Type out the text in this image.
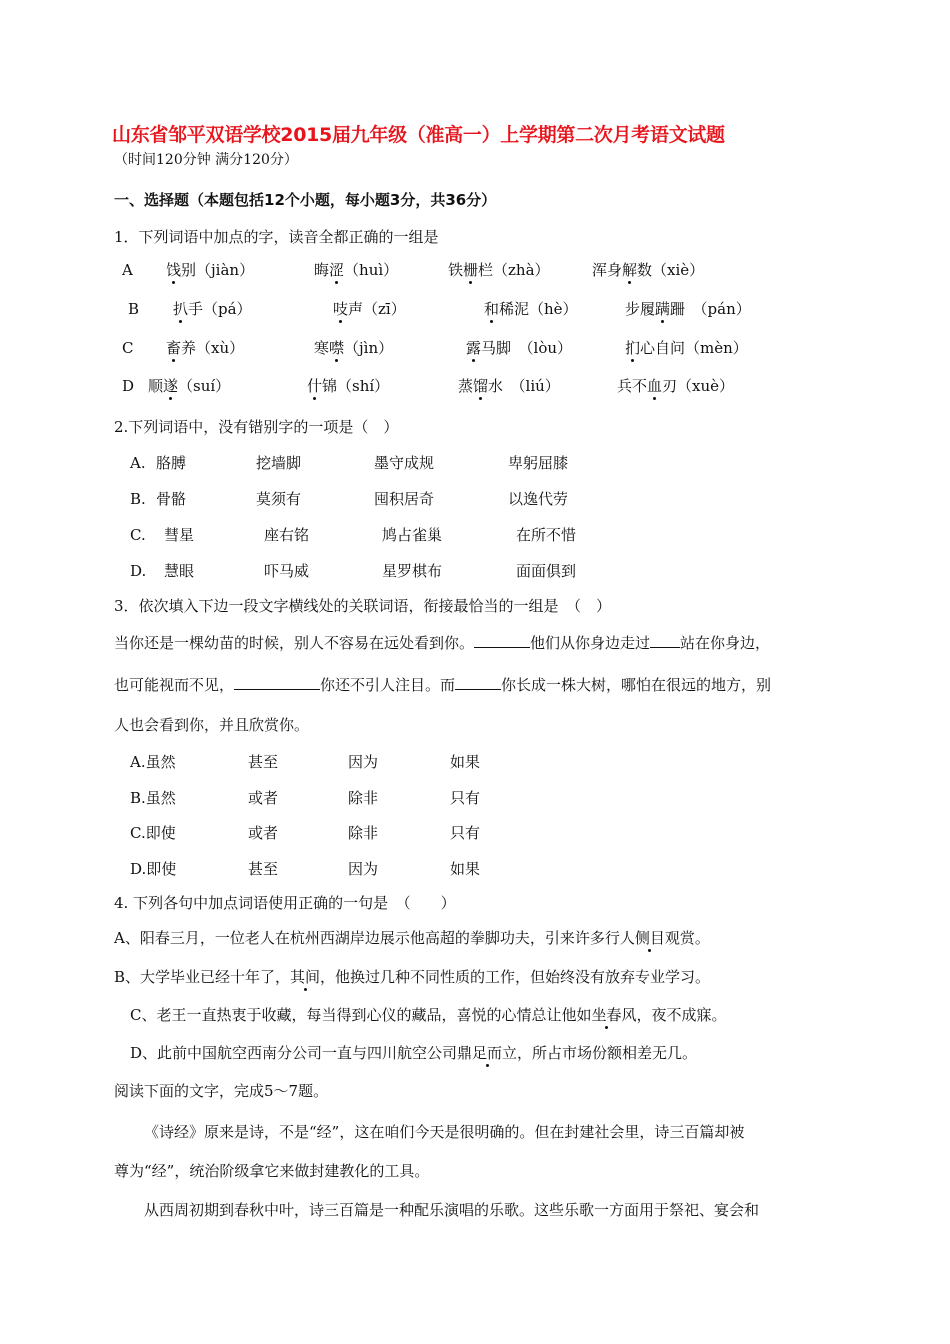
山东省邹平双语学校2015届九年级（准高一）上学期第二次月考语文试题
（时间120分钟 满分120分）
一、选择题（本题包括12个小题，每小题3分，共36分）
1．下列词语中加点的字，读音全都正确的一组是
A 饯别（jiàn）	晦涩（huì）	铁栅栏（zhà）	浑身解数（xiè）
B 扒手（pá）	吱声（zī）	和稀泥（hè）	步履蹒跚　（pán）
C 畜养（xù）	寒噤（jìn）	露马脚　（lòu）	扪心自问（mèn）
D 顺遂（suí）	什锦（shí）	蒸馏水　（liú）	兵不血刃（xuè）
2.下列词语中，没有错别字的一项是（　）
A. 胳膊	挖墙脚	墨守成规	卑躬屈膝
B. 骨骼	莫须有	囤积居奇	以逸代劳
C. 彗星	座右铭	鸠占雀巢	在所不惜
D. 慧眼	吓马威	星罗棋布	面面俱到
3．依次填入下边一段文字横线处的关联词语，衔接最恰当的一组是　（　）
当你还是一棵幼苗的时候，别人不容易在远处看到你。	他们从你身边走过 站在你身边，
也可能视而不见，	你还不引人注目。而	你长成一株大树，哪怕在很远的地方，别
人也会看到你，并且欣赏你。
A.虽然	甚至	因为	如果
B.虽然	或者	除非	只有
C.即使	或者	除非	只有
D.即使	甚至	因为	如果
4. 下列各句中加点词语使用正确的一句是　（　　）
A、阳春三月，一位老人在杭州西湖岸边展示他高超的拳脚功夫，引来许多行人侧目观赏。
B、大学毕业已经十年了，其间，他换过几种不同性质的工作，但始终没有放弃专业学习。
C、老王一直热衷于收藏，每当得到心仪的藏品，喜悦的心情总让他如坐春风，夜不成寐。
D、此前中国航空西南分公司一直与四川航空公司鼎足而立，所占市场份额相差无几。
阅读下面的文字，完成5～7题。
《诗经》原来是诗，不是“经”，这在咱们今天是很明确的。但在封建社会里，诗三百篇却被
尊为“经”，统治阶级拿它来做封建教化的工具。
从西周初期到春秋中叶，诗三百篇是一种配乐演唱的乐歌。这些乐歌一方面用于祭祀、宴会和
